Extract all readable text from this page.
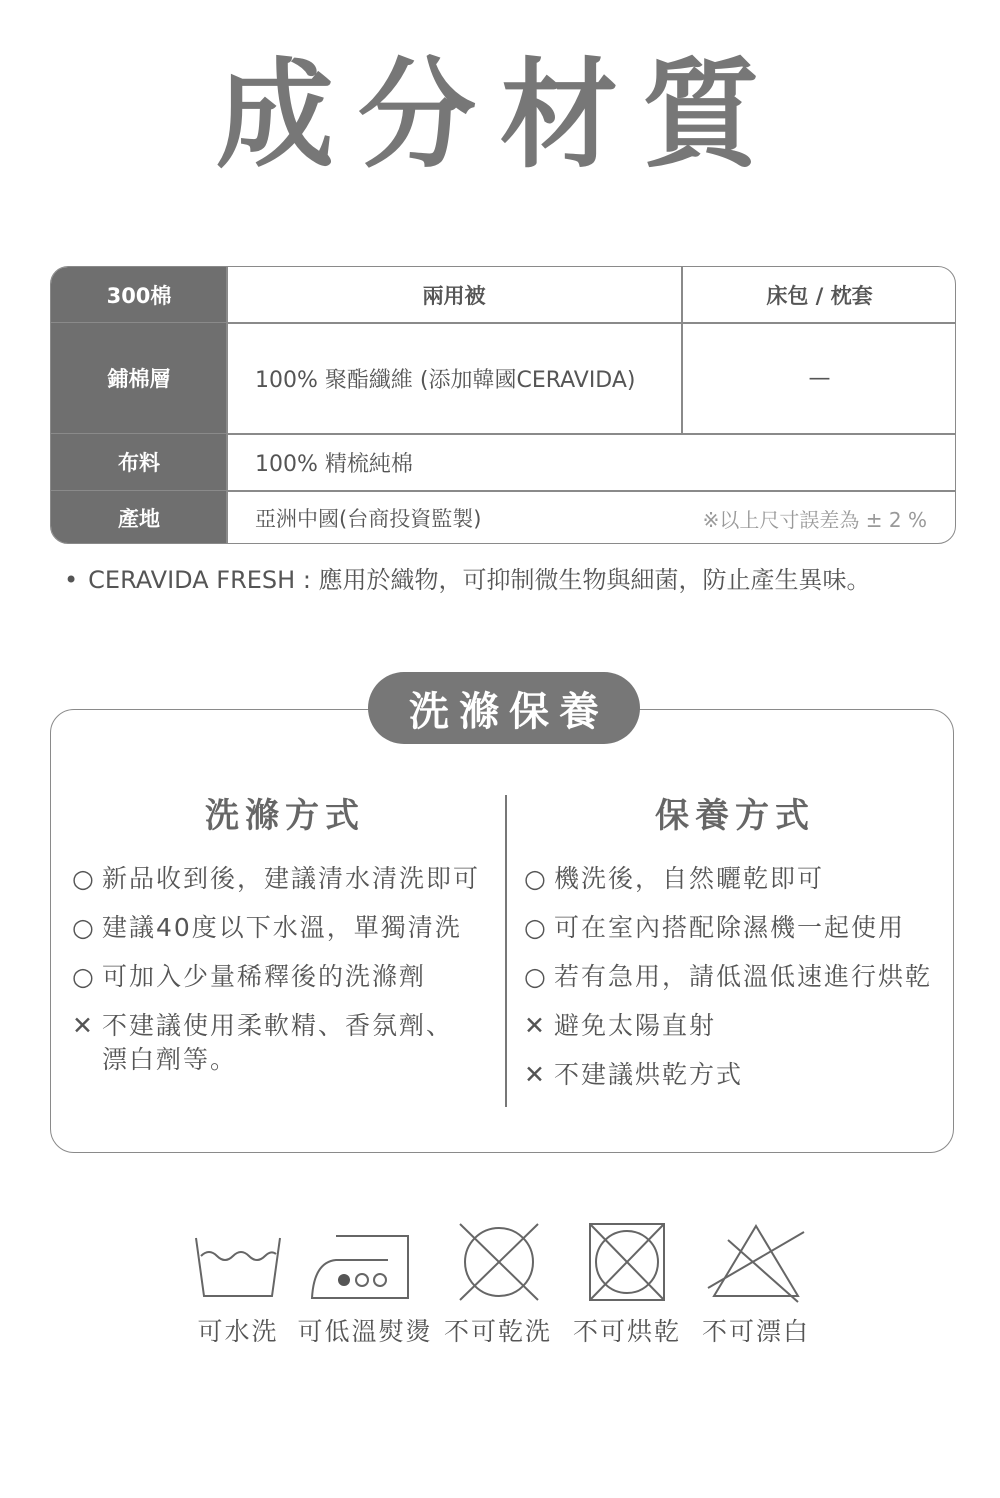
成分材質
300棉	兩用被	床包 / 枕套
鋪棉層	100% 聚酯纖維 (添加韓國CERAVIDA)	—
布料	100% 精梳純棉
產地	亞洲中國(台商投資監製)	※以上尺寸誤差為 ± 2 %
• CERAVIDA FRESH : 應用於織物，可抑制微生物與細菌，防止產生異味。
洗滌保養
洗滌方式	保養方式
○ 新品收到後，建議清水清洗即可
○ 建議40度以下水溫，單獨清洗
○ 可加入少量稀釋後的洗滌劑
✕ 不建議使用柔軟精、香氛劑、
漂白劑等。
○ 機洗後，自然曬乾即可
○ 可在室內搭配除濕機一起使用
○ 若有急用，請低溫低速進行烘乾
✕ 避免太陽直射
✕ 不建議烘乾方式
可水洗 可低溫熨燙 不可乾洗 不可烘乾 不可漂白
